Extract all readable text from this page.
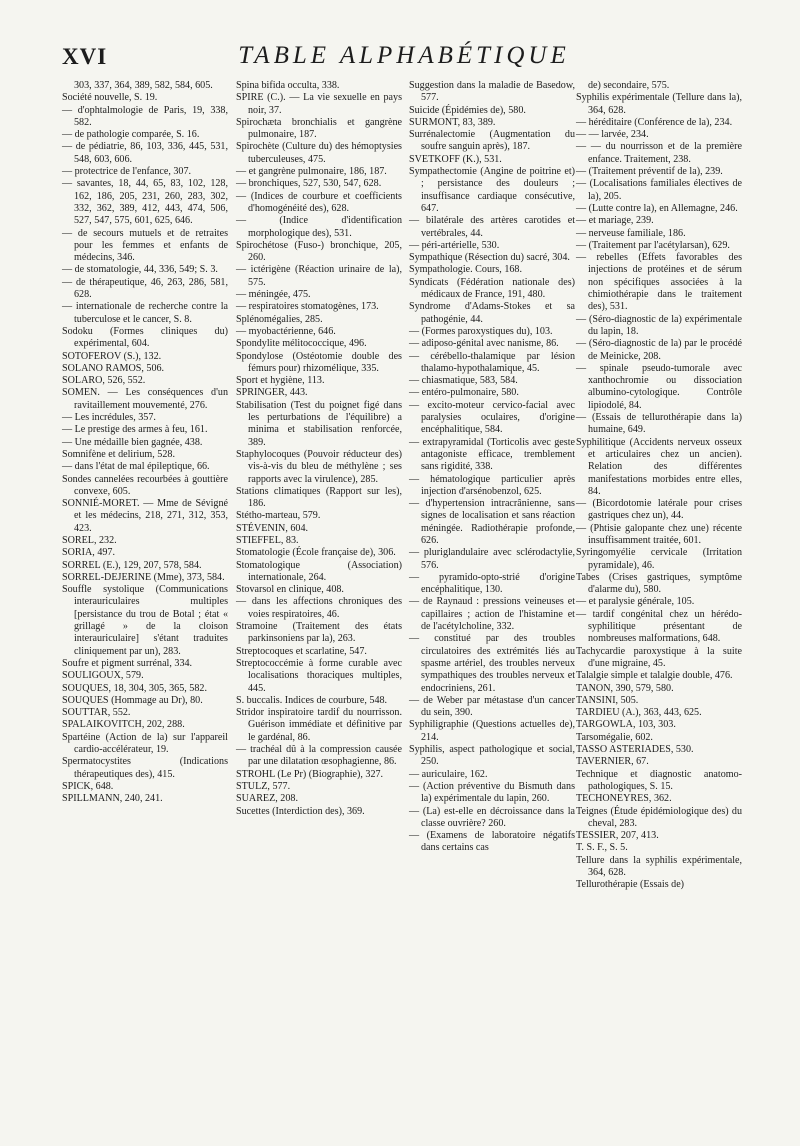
XVI	TABLE ALPHABÉTIQUE

303, 337, 364, 389, 582, 584, 605.

Société nouvelle, S. 19.

— d'ophtalmologie de Paris, 19, 338, 582.

— de pathologie comparée, S. 16.

— de pédiatrie, 86, 103, 336, 445, 531, 548, 603, 606.

— protectrice de l'enfance, 307.

— savantes, 18, 44, 65, 83, 102, 128, 162, 186, 205, 231, 260, 283, 302, 332, 362, 389, 412, 443, 474, 506, 527, 547, 575, 601, 625, 646.

— de secours mutuels et de retraites pour les femmes et enfants de médecins, 346.

— de stomatologie, 44, 336, 549; S. 3.

— de thérapeutique, 46, 263, 286, 581, 628.

— internationale de recherche contre la tuberculose et le cancer, S. 8.

Sodoku (Formes cliniques du) expérimental, 604.

SOTOFEROV (S.), 132.

SOLANO RAMOS, 506.

SOLARO, 526, 552.

SOMEN. — Les conséquences d'un ravitaillement mouvementé, 276.

— Les incrédules, 357.

— Le prestige des armes à feu, 161.

— Une médaille bien gagnée, 438.

Somnifène et delirium, 528.

— dans l'état de mal épileptique, 66.

Sondes cannelées recourbées à gouttière convexe, 605.

SONNIÉ-MORET. — Mme de Sévigné et les médecins, 218, 271, 312, 353, 423.

SOREL, 232.

SORIA, 497.

SORREL (E.), 129, 207, 578, 584.

SORREL-DEJERINE (Mme), 373, 584.

Souffle systolique (Communications interauriculaires multiples [persistance du trou de Botal ; état « grillagé » de la cloison interauriculaire] s'étant traduites cliniquement par un), 283.

Soufre et pigment surrénal, 334.

SOULIGOUX, 579.

SOUQUES, 18, 304, 305, 365, 582.

SOUQUES (Hommage au Dr), 80.

SOUTTAR, 552.

SPALAIKOVITCH, 202, 288.

Spartéine (Action de la) sur l'appareil cardio-accélérateur, 19.

Spermatocystites (Indications thérapeutiques des), 415.

SPICK, 648.

SPILLMANN, 240, 241.

Spina bifida occulta, 338.

SPIRE (C.). — La vie sexuelle en pays noir, 37.

Spirochæta bronchialis et gangrène pulmonaire, 187.

Spirochète (Culture du) des hémoptysies tuberculeuses, 475.

— et gangrène pulmonaire, 186, 187.

— bronchiques, 527, 530, 547, 628.

— (Indices de courbure et coefficients d'homogénéité des), 628.

— (Indice d'identification morphologique des), 531.

Spirochétose (Fuso-) bronchique, 205, 260.

— ictérigène (Réaction urinaire de la), 575.

— méningée, 475.

— respiratoires stomatogènes, 173.

Splénomégalies, 285.

— myobactérienne, 646.

Spondylite mélitococcique, 496.

Spondylose (Ostéotomie double des fémurs pour) rhizomélique, 335.

Sport et hygiène, 113.

SPRINGER, 443.

Stabilisation (Test du poignet figé dans les perturbations de l'équilibre) a minima et stabilisation renforcée, 389.

Staphylocoques (Pouvoir réducteur des) vis-à-vis du bleu de méthylène ; ses rapports avec la virulence), 285.

Stations climatiques (Rapport sur les), 186.

Stétho-marteau, 579.

STÉVENIN, 604.

STIEFFEL, 83.

Stomatologie (École française de), 306.

Stomatologique (Association) internationale, 264.

Stovarsol en clinique, 408.

— dans les affections chroniques des voies respiratoires, 46.

Stramoine (Traitement des états parkinsoniens par la), 263.

Streptocoques et scarlatine, 547.

Streptococcémie à forme curable avec localisations thoraciques multiples, 445.

S. buccalis. Indices de courbure, 548.

Stridor inspiratoire tardif du nourrisson. Guérison immédiate et définitive par le gardénal, 86.

— trachéal dû à la compression causée par une dilatation œsophagienne, 86.

STROHL (Le Pr) (Biographie), 327.

STULZ, 577.

SUAREZ, 208.

Sucettes (Interdiction des), 369.

Suggestion dans la maladie de Basedow, 577.

Suicide (Épidémies de), 580.

SURMONT, 83, 389.

Surrénalectomie (Augmentation du soufre sanguin après), 187.

SVETKOFF (K.), 531.

Sympathectomie (Angine de poitrine et) ; persistance des douleurs ; insuffisance cardiaque consécutive, 647.

— bilatérale des artères carotides et vertébrales, 44.

— péri-artérielle, 530.

Sympathique (Résection du) sacré, 304.

Sympathologie. Cours, 168.

Syndicats (Fédération nationale des) médicaux de France, 191, 480.

Syndrome d'Adams-Stokes et sa pathogénie, 44.

— (Formes paroxystiques du), 103.

— adiposo-génital avec nanisme, 86.

— cérébello-thalamique par lésion thalamo-hypothalamique, 45.

— chiasmatique, 583, 584.

— entéro-pulmonaire, 580.

— excito-moteur cervico-facial avec paralysies oculaires, d'origine encéphalitique, 584.

— extrapyramidal (Torticolis avec geste antagoniste efficace, tremblement sans rigidité, 338.

— hématologique particulier après injection d'arsénobenzol, 625.

— d'hypertension intracrânienne, sans signes de localisation et sans réaction méningée. Radiothérapie profonde, 626.

— pluriglandulaire avec sclérodactylie, 576.

— pyramido-opto-strié d'origine encéphalitique, 130.

— de Raynaud : pressions veineuses et capillaires ; action de l'histamine et de l'acétylcholine, 332.

— constitué par des troubles circulatoires des extrémités liés au spasme artériel, des troubles nerveux sympathiques des troubles nerveux et endocriniens, 261.

— de Weber par métastase d'un cancer du sein, 390.

Syphiligraphie (Questions actuelles de), 214.

Syphilis, aspect pathologique et social, 250.

— auriculaire, 162.

— (Action préventive du Bismuth dans la) expérimentale du lapin, 260.

— (La) est-elle en décroissance dans la classe ouvrière? 260.

— (Examens de laboratoire négatifs dans certains cas

de) secondaire, 575.

Syphilis expérimentale (Tellure dans la), 364, 628.

— héréditaire (Conférence de la), 234.

— — larvée, 234.

— — du nourrisson et de la première enfance. Traitement, 238.

— (Traitement préventif de la), 239.

— (Localisations familiales électives de la), 205.

— (Lutte contre la), en Allemagne, 246.

— et mariage, 239.

— nerveuse familiale, 186.

— (Traitement par l'acétylarsan), 629.

— rebelles (Effets favorables des injections de protéines et de sérum non spécifiques associées à la chimiothérapie dans le traitement des), 531.

— (Séro-diagnostic de la) expérimentale du lapin, 18.

— (Séro-diagnostic de la) par le procédé de Meinicke, 208.

— spinale pseudo-tumorale avec xanthochromie ou dissociation albumino-cytologique. Contrôle lipiodolé, 84.

— (Essais de tellurothérapie dans la) humaine, 649.

Syphilitique (Accidents nerveux osseux et articulaires chez un ancien). Relation des différentes manifestations morbides entre elles, 84.

— (Bicordotomie latérale pour crises gastriques chez un), 44.

— (Phtisie galopante chez une) récente insuffisamment traitée, 601.

Syringomyélie cervicale (Irritation pyramidale), 46.

Tabes (Crises gastriques, symptôme d'alarme du), 580.

— et paralysie générale, 105.

— tardif congénital chez un hérédo-syphilitique présentant de nombreuses malformations, 648.

Tachycardie paroxystique à la suite d'une migraine, 45.

Talalgie simple et talalgie double, 476.

TANON, 390, 579, 580.

TANSINI, 505.

TARDIEU (A.), 363, 443, 625.

TARGOWLA, 103, 303.

Tarsomégalie, 602.

TASSO ASTERIADES, 530.

TAVERNIER, 67.

Technique et diagnostic anatomo-pathologiques, S. 15.

TECHONEYRES, 362.

Teignes (Étude épidémiologique des) du cheval, 283.

TESSIER, 207, 413.

T. S. F., S. 5.

Tellure dans la syphilis expérimentale, 364, 628.

Tellurothérapie (Essais de)
